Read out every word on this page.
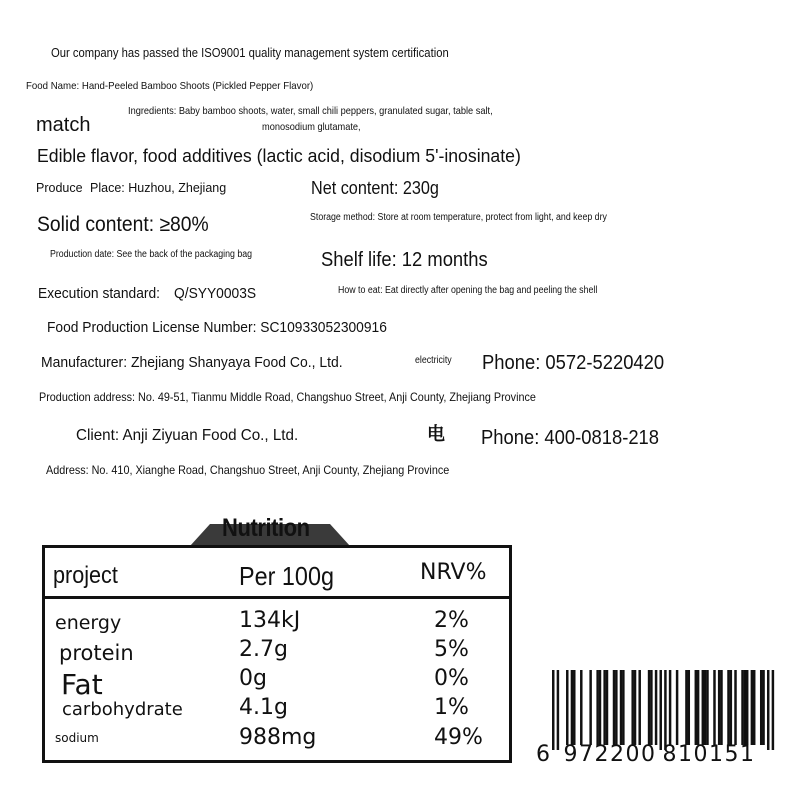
Our company has passed the ISO9001 quality management system certification
Food Name: Hand-Peeled Bamboo Shoots (Pickled Pepper Flavor)
Ingredients: Baby bamboo shoots, water, small chili peppers, granulated sugar, table salt,
monosodium glutamate,
match
Edible flavor, food additives (lactic acid, disodium 5'-inosinate)
Produce Place: Huzhou, Zhejiang	Net content: 230g
Solid content: ≥80%	Storage method: Store at room temperature, protect from light, and keep dry
Production date: See the back of the packaging bag	Shelf life: 12 months
Execution standard: Q/SYY0003S	How to eat: Eat directly after opening the bag and peeling the shell
Food Production License Number: SC10933052300916
Manufacturer: Zhejiang Shanyaya Food Co., Ltd.	electricity Phone: 0572-5220420
Production address: No. 49-51, Tianmu Middle Road, Changshuo Street, Anji County, Zhejiang Province
Client: Anji Ziyuan Food Co., Ltd.	电 Phone: 400-0818-218
Address: No. 410, Xianghe Road, Changshuo Street, Anji County, Zhejiang Province
Nutrition
project	Per 100g	NRV%
energy	134kJ	2%
protein	2.7g	5%
Fat	0g	0%
carbohydrate	4.1g	1%
sodium	988mg	49%
6 972200 810151
